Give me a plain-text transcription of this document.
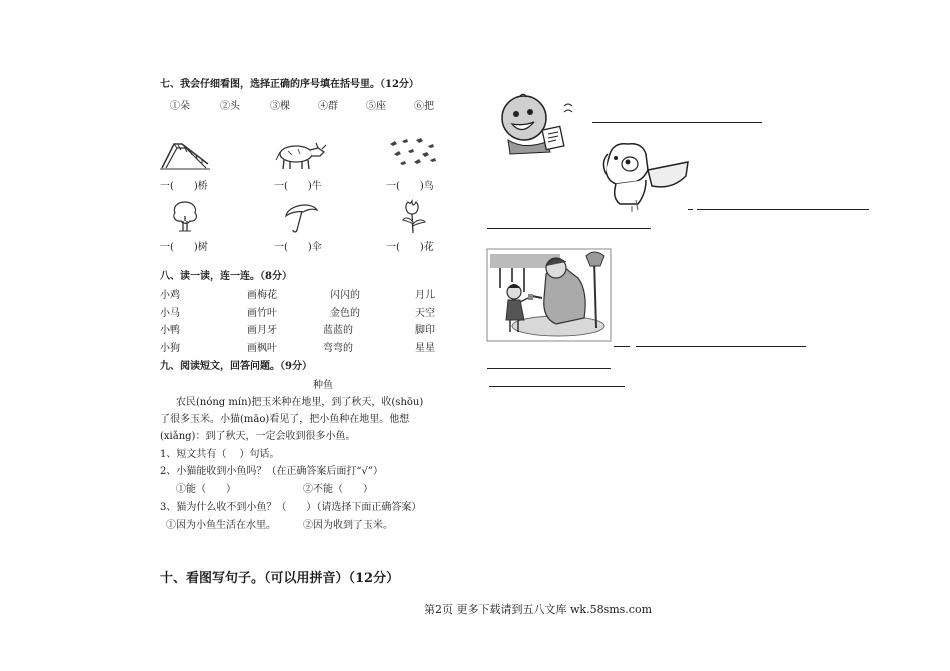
七、我会仔细看图，选择正确的序号填在括号里。（12分）
①朵	②头	③棵	④群	⑤座	⑥把
一(　　)桥	一(　　)牛	一(　　)鸟
一(　　)树	一(　　)伞	一(　　)花
八、读一读，连一连。（8分）
小鸡	画梅花	闪闪的	月儿
小马	画竹叶	金色的	天空
小鸭	画月牙	蓝蓝的	脚印
小狗	画枫叶	弯弯的	星星
九、阅读短文，回答问题。（9分）
种鱼
农民(nóng mín)把玉米种在地里，到了秋天，收(shōu)
了很多玉米。小猫(māo)看见了，把小鱼种在地里。他想
(xiǎng)：到了秋天，一定会收到很多小鱼。
1、短文共有（　 ）句话。
2、小猫能收到小鱼吗？（在正确答案后面打“√”）
①能（　　）	②不能（　　）
3、猫为什么收不到小鱼？（　　）（请选择下面正确答案）
①因为小鱼生活在水里。	②因为收到了玉米。
十、看图写句子。（可以用拼音）（12分）
第2页 更多下载请到五八文库 wk.58sms.com
